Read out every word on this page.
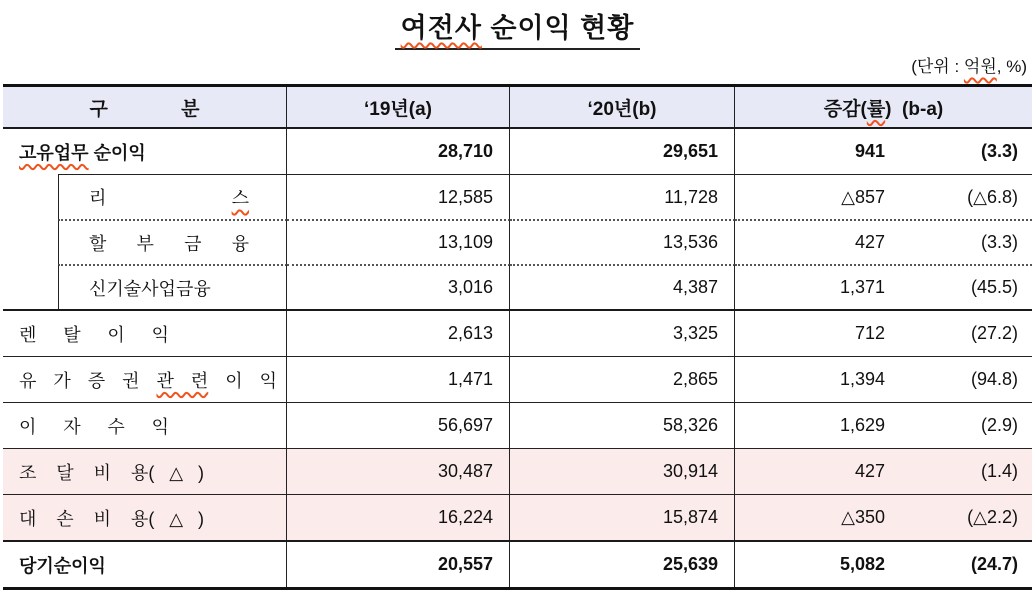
여전사 순이익 현황
(단위 : 억원, %)
구 분	‘19년(a)	‘20년(b)	증감(률)  (b-a)
고유업무 순이익	28,710	29,651	941	(3.3)
리 스	12,585	11,728	△857	(△6.8)
할 부 금 융	13,109	13,536	427	(3.3)
신기술사업금융	3,016	4,387	1,371	(45.5)
렌 탈 이 익	2,613	3,325	712	(27.2)
유 가 증 권 관 련 이 익	1,471	2,865	1,394	(94.8)
이 자 수 익	56,697	58,326	1,629	(2.9)
조 달 비 용(△)	30,487	30,914	427	(1.4)
대 손 비 용(△)	16,224	15,874	△350	(△2.2)
당기순이익	20,557	25,639	5,082	(24.7)
